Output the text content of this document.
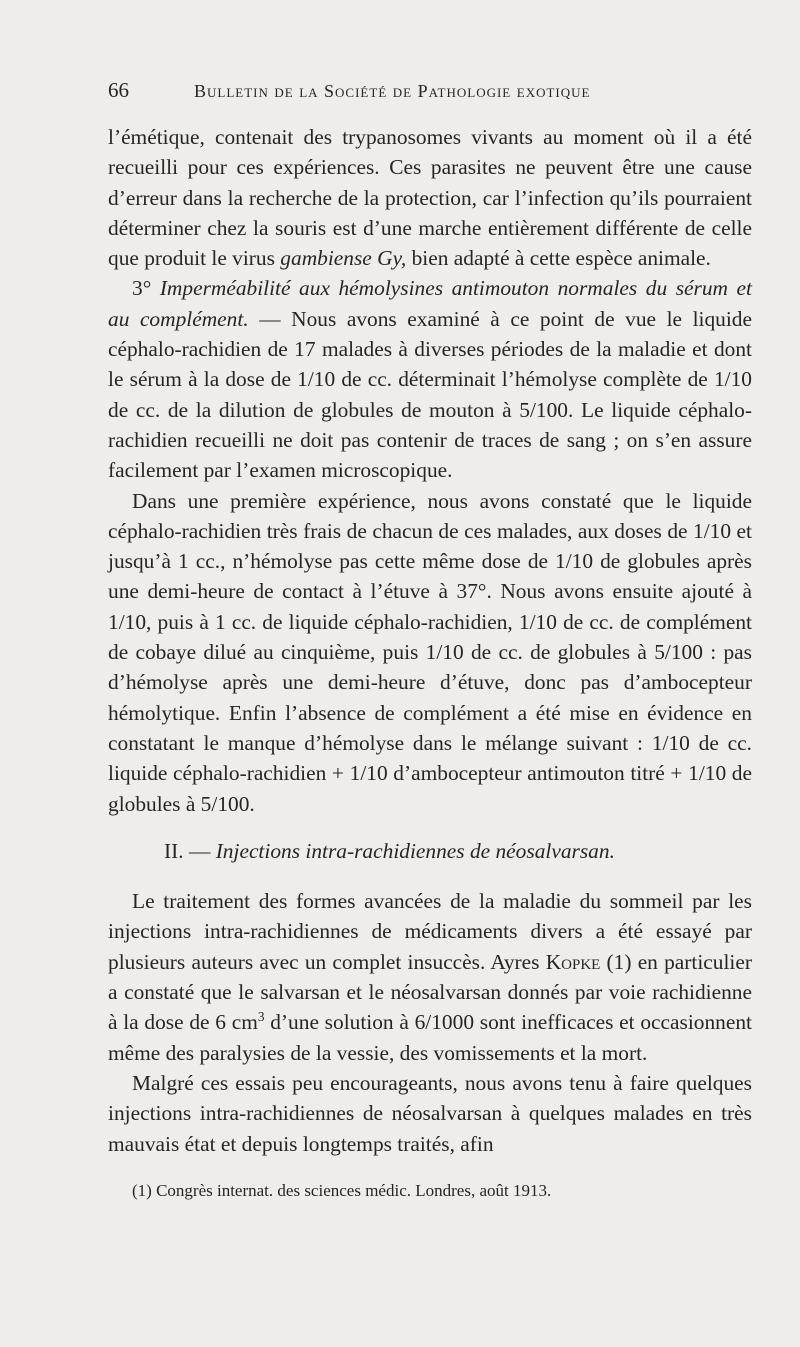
66	Bulletin de la Société de Pathologie exotique

l’émétique, contenait des trypanosomes vivants au moment où il a été recueilli pour ces expériences. Ces parasites ne peuvent être une cause d’erreur dans la recherche de la protection, car l’infection qu’ils pourraient déterminer chez la souris est d’une marche entièrement différente de celle que produit le virus gambiense Gy, bien adapté à cette espèce animale.

3° Imperméabilité aux hémolysines antimouton normales du sérum et au complément. — Nous avons examiné à ce point de vue le liquide céphalo-rachidien de 17 malades à diverses périodes de la maladie et dont le sérum à la dose de 1/10 de cc. déterminait l’hémolyse complète de 1/10 de cc. de la dilution de globules de mouton à 5/100. Le liquide céphalo-rachidien recueilli ne doit pas contenir de traces de sang ; on s’en assure facilement par l’examen microscopique.

Dans une première expérience, nous avons constaté que le liquide céphalo-rachidien très frais de chacun de ces malades, aux doses de 1/10 et jusqu’à 1 cc., n’hémolyse pas cette même dose de 1/10 de globules après une demi-heure de contact à l’étuve à 37°. Nous avons ensuite ajouté à 1/10, puis à 1 cc. de liquide céphalo-rachidien, 1/10 de cc. de complément de cobaye dilué au cinquième, puis 1/10 de cc. de globules à 5/100 : pas d’hémolyse après une demi-heure d’étuve, donc pas d’ambocepteur hémolytique. Enfin l’absence de complément a été mise en évidence en constatant le manque d’hémolyse dans le mélange suivant : 1/10 de cc. liquide céphalo-rachidien + 1/10 d’ambocepteur antimouton titré + 1/10 de globules à 5/100.

II. — Injections intra-rachidiennes de néosalvarsan.

Le traitement des formes avancées de la maladie du sommeil par les injections intra-rachidiennes de médicaments divers a été essayé par plusieurs auteurs avec un complet insuccès. Ayres Kopke (1) en particulier a constaté que le salvarsan et le néosalvarsan donnés par voie rachidienne à la dose de 6 $cm^3$ d’une solution à 6/1000 sont inefficaces et occasionnent même des paralysies de la vessie, des vomissements et la mort.

Malgré ces essais peu encourageants, nous avons tenu à faire quelques injections intra-rachidiennes de néosalvarsan à quelques malades en très mauvais état et depuis longtemps traités, afin

(1) Congrès internat. des sciences médic. Londres, août 1913.
